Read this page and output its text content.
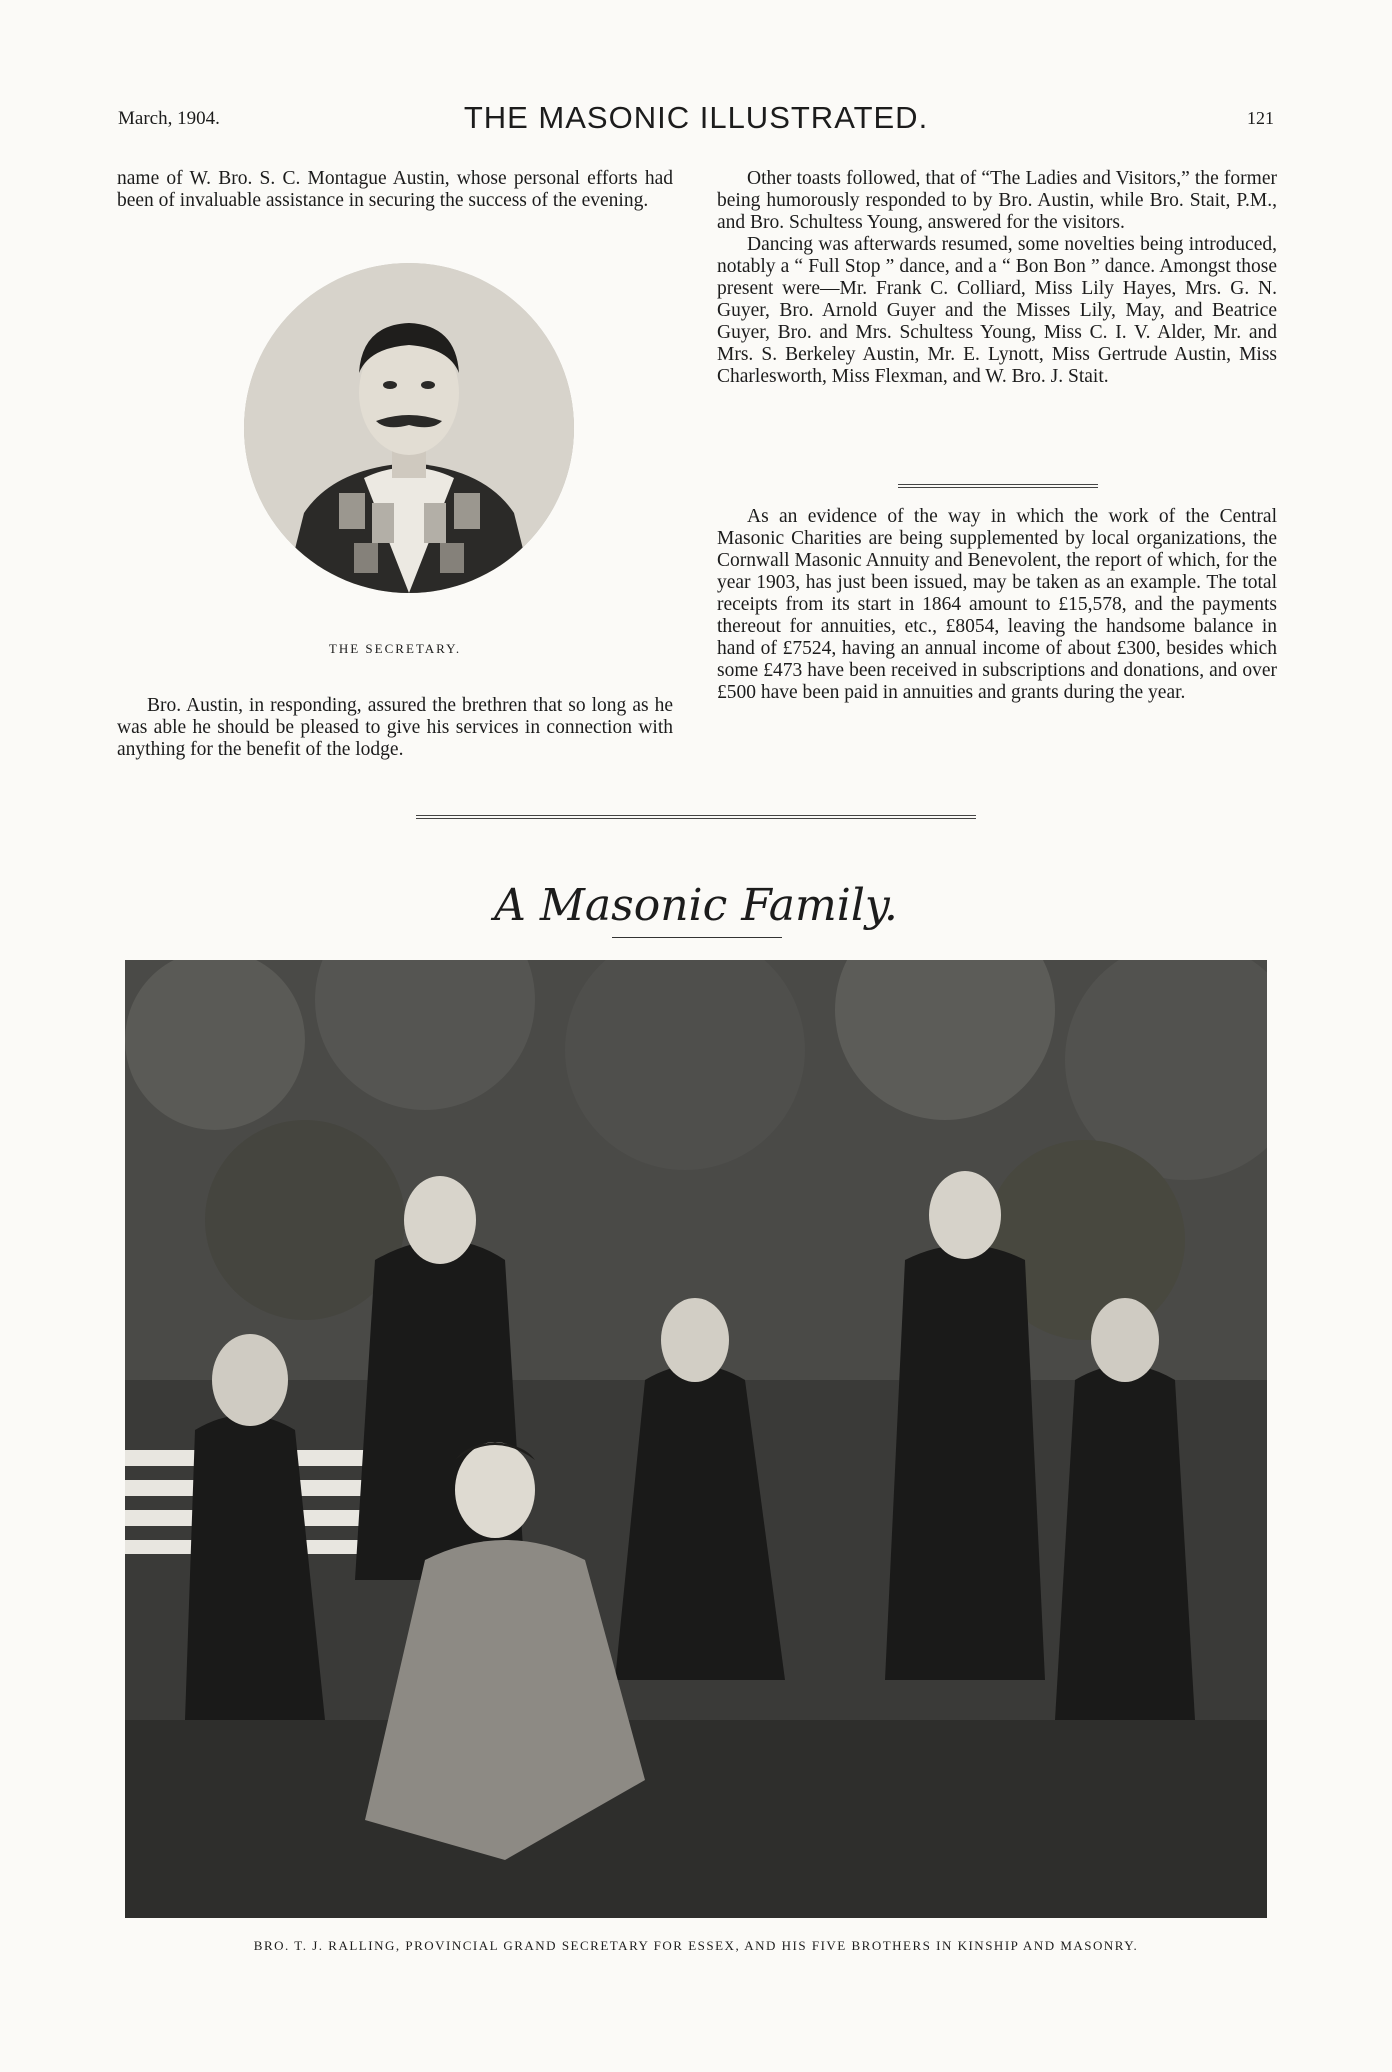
March, 1904.	THE MASONIC ILLUSTRATED.	121

name of W. Bro. S. C. Montague Austin, whose personal efforts had been of invaluable assistance in securing the success of the evening.

THE SECRETARY.

Bro. Austin, in responding, assured the brethren that so long as he was able he should be pleased to give his services in connection with anything for the benefit of the lodge.

Other toasts followed, that of “The Ladies and Visitors,” the former being humorously responded to by Bro. Austin, while Bro. Stait, P.M., and Bro. Schultess Young, answered for the visitors.

Dancing was afterwards resumed, some novelties being introduced, notably a “ Full Stop ” dance, and a “ Bon Bon ” dance. Amongst those present were—Mr. Frank C. Colliard, Miss Lily Hayes, Mrs. G. N. Guyer, Bro. Arnold Guyer and the Misses Lily, May, and Beatrice Guyer, Bro. and Mrs. Schultess Young, Miss C. I. V. Alder, Mr. and Mrs. S. Berkeley Austin, Mr. E. Lynott, Miss Gertrude Austin, Miss Charlesworth, Miss Flexman, and W. Bro. J. Stait.

As an evidence of the way in which the work of the Central Masonic Charities are being supplemented by local organizations, the Cornwall Masonic Annuity and Benevolent, the report of which, for the year 1903, has just been issued, may be taken as an example. The total receipts from its start in 1864 amount to £15,578, and the payments thereout for annuities, etc., £8054, leaving the handsome balance in hand of £7524, having an annual income of about £300, besides which some £473 have been received in subscriptions and donations, and over £500 have been paid in annuities and grants during the year.

A Masonic Family.
BRO. T. J. RALLING, PROVINCIAL GRAND SECRETARY FOR ESSEX, AND HIS FIVE BROTHERS IN KINSHIP AND MASONRY.
